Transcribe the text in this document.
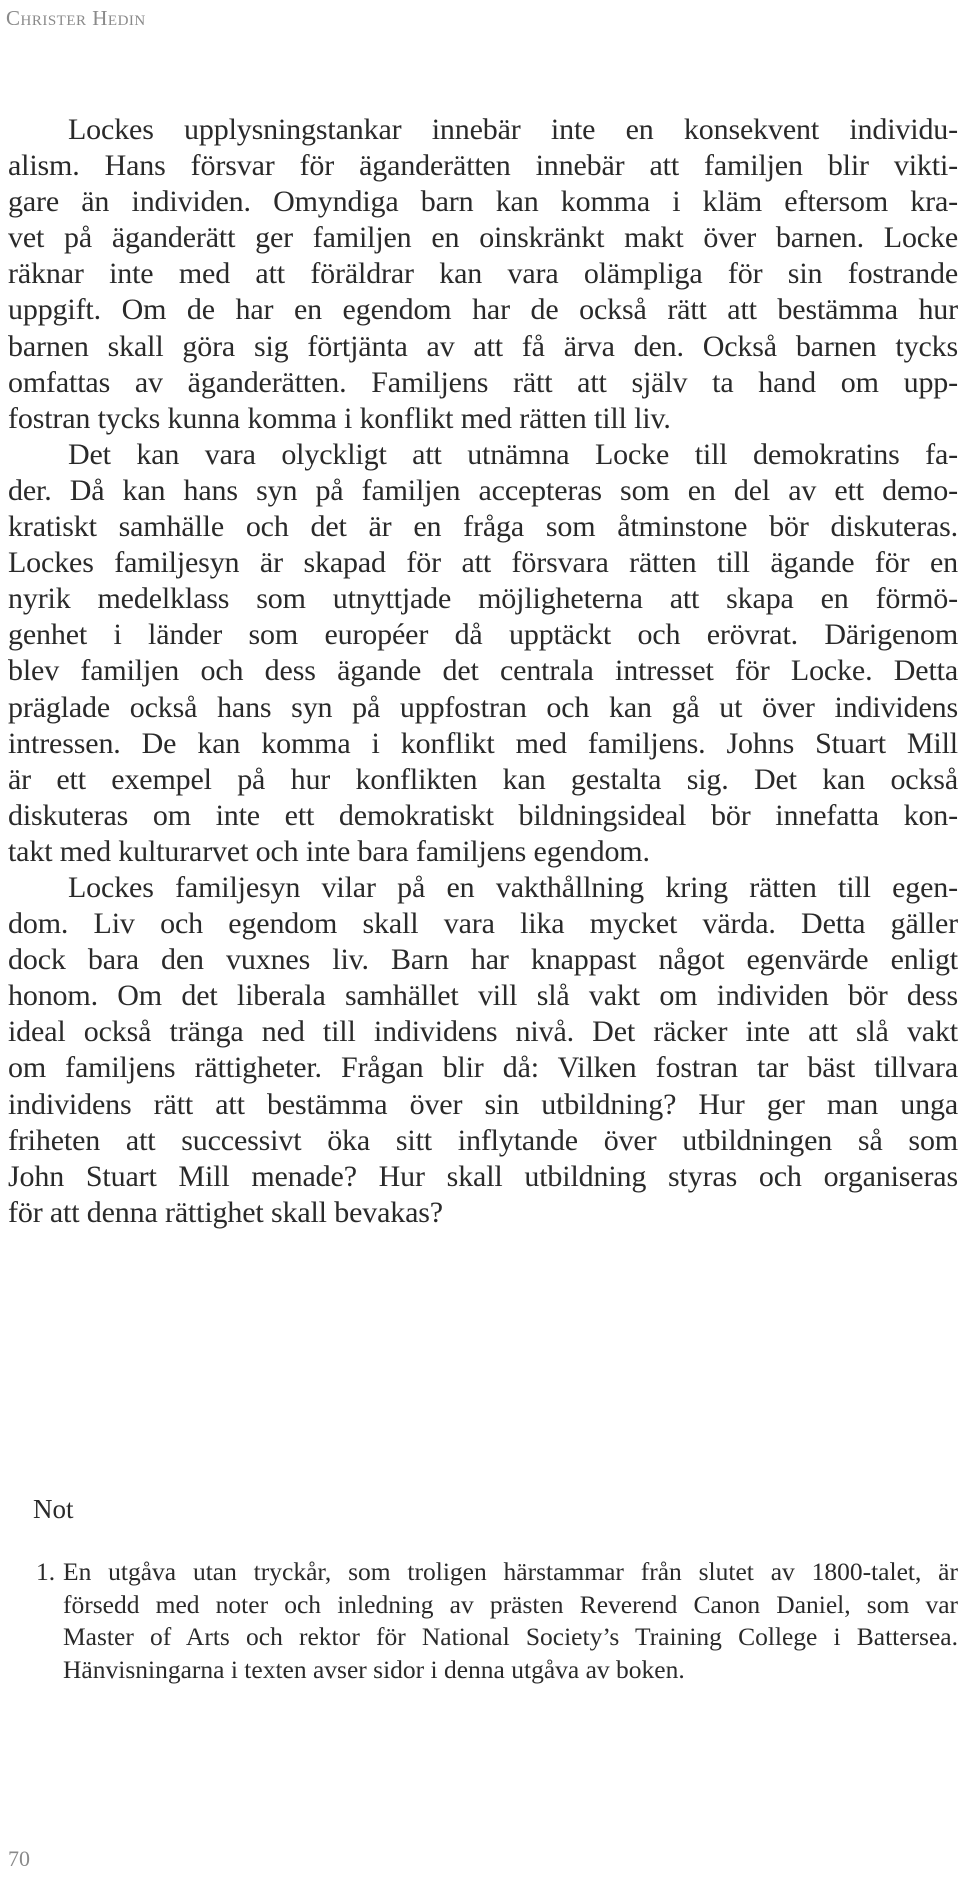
Christer Hedin
Lockes upplysningstankar innebär inte en konsekvent individu-
alism. Hans försvar för äganderätten innebär att familjen blir vikti-
gare än individen. Omyndiga barn kan komma i kläm eftersom kra-
vet på äganderätt ger familjen en oinskränkt makt över barnen. Locke
räknar inte med att föräldrar kan vara olämpliga för sin fostrande
uppgift. Om de har en egendom har de också rätt att bestämma hur
barnen skall göra sig förtjänta av att få ärva den. Också barnen tycks
omfattas av äganderätten. Familjens rätt att själv ta hand om upp-
fostran tycks kunna komma i konflikt med rätten till liv.
Det kan vara olyckligt att utnämna Locke till demokratins fa-
der. Då kan hans syn på familjen accepteras som en del av ett demo-
kratiskt samhälle och det är en fråga som åtminstone bör diskuteras.
Lockes familjesyn är skapad för att försvara rätten till ägande för en
nyrik medelklass som utnyttjade möjligheterna att skapa en förmö-
genhet i länder som européer då upptäckt och erövrat. Därigenom
blev familjen och dess ägande det centrala intresset för Locke. Detta
präglade också hans syn på uppfostran och kan gå ut över individens
intressen. De kan komma i konflikt med familjens. Johns Stuart Mill
är ett exempel på hur konflikten kan gestalta sig. Det kan också
diskuteras om inte ett demokratiskt bildningsideal bör innefatta kon-
takt med kulturarvet och inte bara familjens egendom.
Lockes familjesyn vilar på en vakthållning kring rätten till egen-
dom. Liv och egendom skall vara lika mycket värda. Detta gäller
dock bara den vuxnes liv. Barn har knappast något egenvärde enligt
honom. Om det liberala samhället vill slå vakt om individen bör dess
ideal också tränga ned till individens nivå. Det räcker inte att slå vakt
om familjens rättigheter. Frågan blir då: Vilken fostran tar bäst tillvara
individens rätt att bestämma över sin utbildning? Hur ger man unga
friheten att successivt öka sitt inflytande över utbildningen så som
John Stuart Mill menade? Hur skall utbildning styras och organiseras
för att denna rättighet skall bevakas?
Not
1. En utgåva utan tryckår, som troligen härstammar från slutet av 1800-talet, är
försedd med noter och inledning av prästen Reverend Canon Daniel, som var
Master of Arts och rektor för National Society’s Training College i Battersea.
Hänvisningarna i texten avser sidor i denna utgåva av boken.
70
